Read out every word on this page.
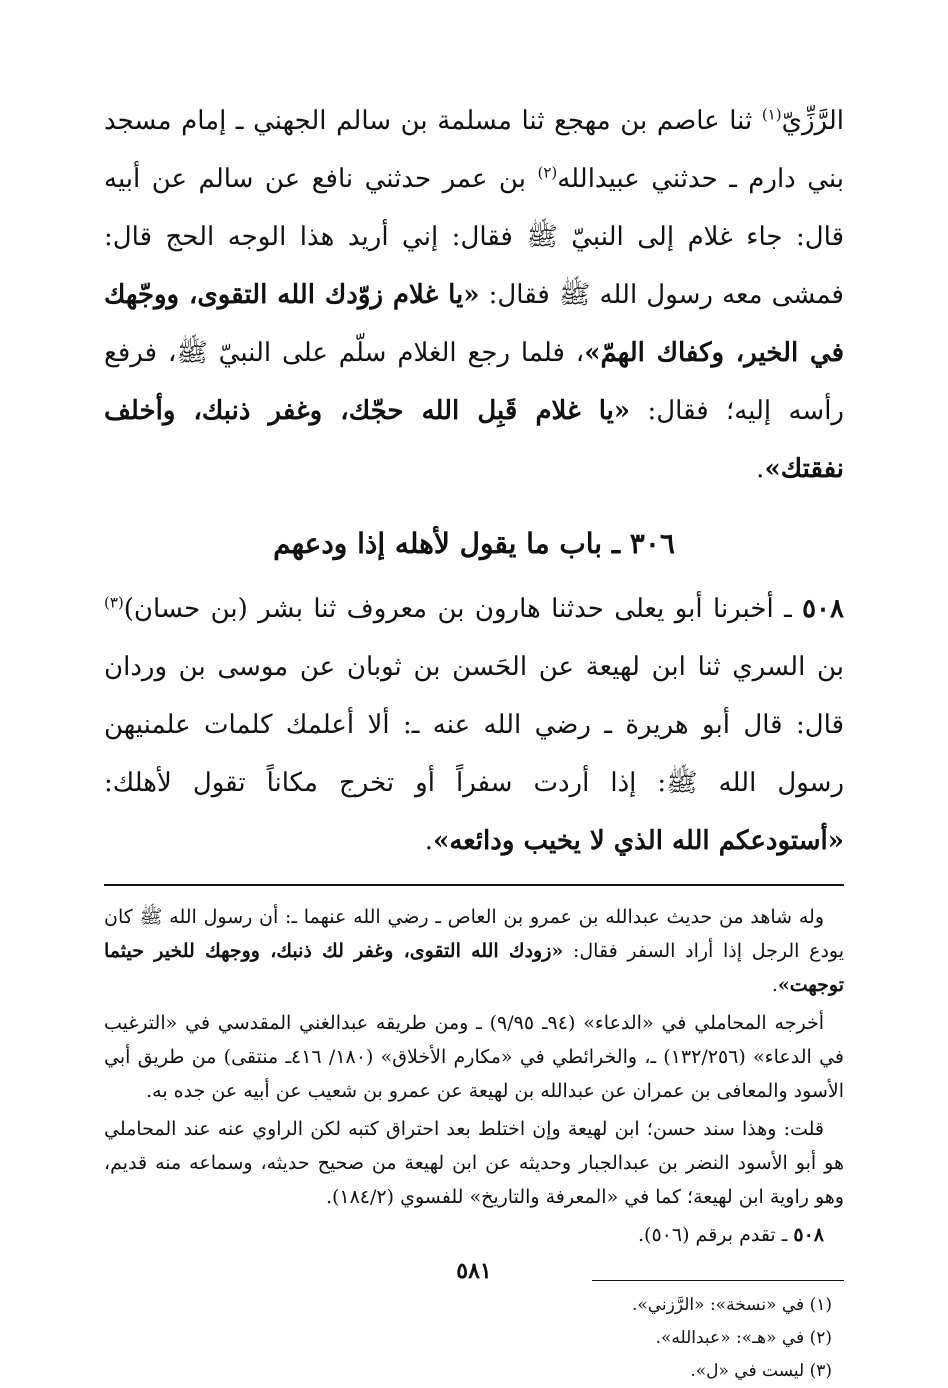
الرَّزِّيّ$^{(١)}$ ثنا عاصم بن مهجع ثنا مسلمة بن سالم الجهني ـ إمام مسجد بني دارم ـ حدثني عبيدالله$^{(٢)}$ بن عمر حدثني نافع عن سالم عن أبيه قال: جاء غلام إلى النبيّ ﷺ فقال: إني أريد هذا الوجه الحج قال: فمشى معه رسول الله ﷺ فقال: «يا غلام زوّدك الله التقوى، ووجّهك في الخير، وكفاك الهمّ»، فلما رجع الغلام سلّم على النبيّ ﷺ، فرفع رأسه إليه؛ فقال: «يا غلام قَبِل الله حجّك، وغفر ذنبك، وأخلف نفقتك».

٣٠٦ ـ باب ما يقول لأهله إذا ودعهم

٥٠٨ ـ أخبرنا أبو يعلى حدثنا هارون بن معروف ثنا بشر (بن حسان)$^{(٣)}$ بن السري ثنا ابن لهيعة عن الحَسن بن ثوبان عن موسى بن وردان قال: قال أبو هريرة ـ رضي الله عنه ـ: ألا أعلمك كلمات علمنيهن رسول الله ﷺ: إذا أردت سفراً أو تخرج مكاناً تقول لأهلك: «أستودعكم الله الذي لا يخيب ودائعه».

وله شاهد من حديث عبدالله بن عمرو بن العاص ـ رضي الله عنهما ـ: أن رسول الله ﷺ كان يودع الرجل إذا أراد السفر فقال: «زودك الله التقوى، وغفر لك ذنبك، ووجهك للخير حيثما توجهت».

أخرجه المحاملي في «الدعاء» (٩٤ـ ٩/٩٥) ـ ومن طريقه عبدالغني المقدسي في «الترغيب في الدعاء» (١٣٢/٢٥٦) ـ، والخرائطي في «مكارم الأخلاق» (١٨٠/ ٤١٦ـ منتقى) من طريق أبي الأسود والمعافى بن عمران عن عبدالله بن لهيعة عن عمرو بن شعيب عن أبيه عن جده به.

قلت: وهذا سند حسن؛ ابن لهيعة وإن اختلط بعد احتراق كتبه لكن الراوي عنه عند المحاملي هو أبو الأسود النضر بن عبدالجبار وحديثه عن ابن لهيعة من صحيح حديثه، وسماعه منه قديم، وهو راوية ابن لهيعة؛ كما في «المعرفة والتاريخ» للفسوي (١٨٤/٢).

٥٠٨ ـ تقدم برقم (٥٠٦).

(١) في «نسخة»: «الرَّزني».
(٢) في «هـ»: «عبدالله».
(٣) ليست في «ل».
٥٨١
